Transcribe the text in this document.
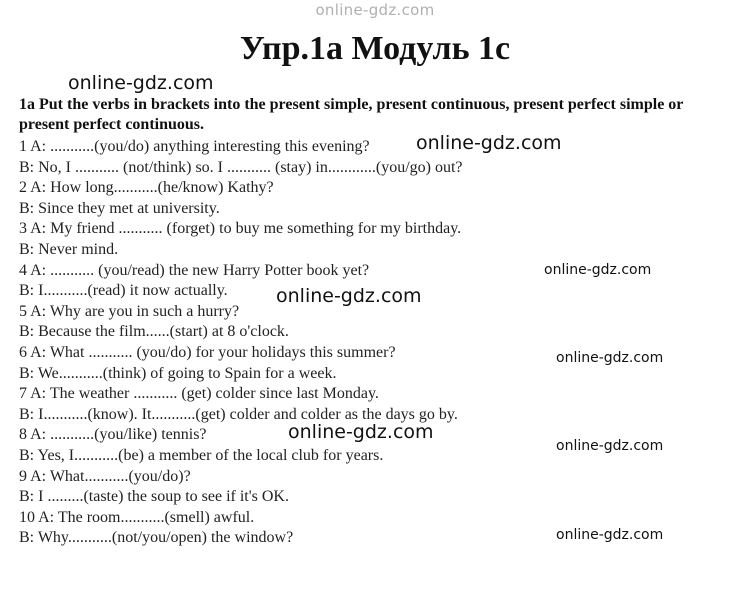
online-gdz.com
Упр.1а Модуль 1с
1a Put the verbs in brackets into the present simple, present continuous, present perfect simple or present perfect continuous.
1 A: ...........(you/do) anything interesting this evening?
B: No, I ........... (not/think) so. I ........... (stay) in............(you/go) out?
2 A: How long...........(he/know) Kathy?
B: Since they met at university.
3 A: My friend ........... (forget) to buy me something for my birthday.
B: Never mind.
4 A: ........... (you/read) the new Harry Potter book yet?
B: I...........(read) it now actually.
5 A: Why are you in such a hurry?
B: Because the film......(start) at 8 o'clock.
6 A: What ........... (you/do) for your holidays this summer?
B: We...........(think) of going to Spain for a week.
7 A: The weather ........... (get) colder since last Monday.
B: I...........(know). It...........(get) colder and colder as the days go by.
8 A: ...........(you/like) tennis?
B: Yes, I...........(be) a member of the local club for years.
9 A: What...........(you/do)?
B: I .........(taste) the soup to see if it's OK.
10 A: The room...........(smell) awful.
B: Why...........(not/you/open) the window?
online-gdz.com
online-gdz.com
online-gdz.com
online-gdz.com
online-gdz.com
online-gdz.com
online-gdz.com
online-gdz.com
